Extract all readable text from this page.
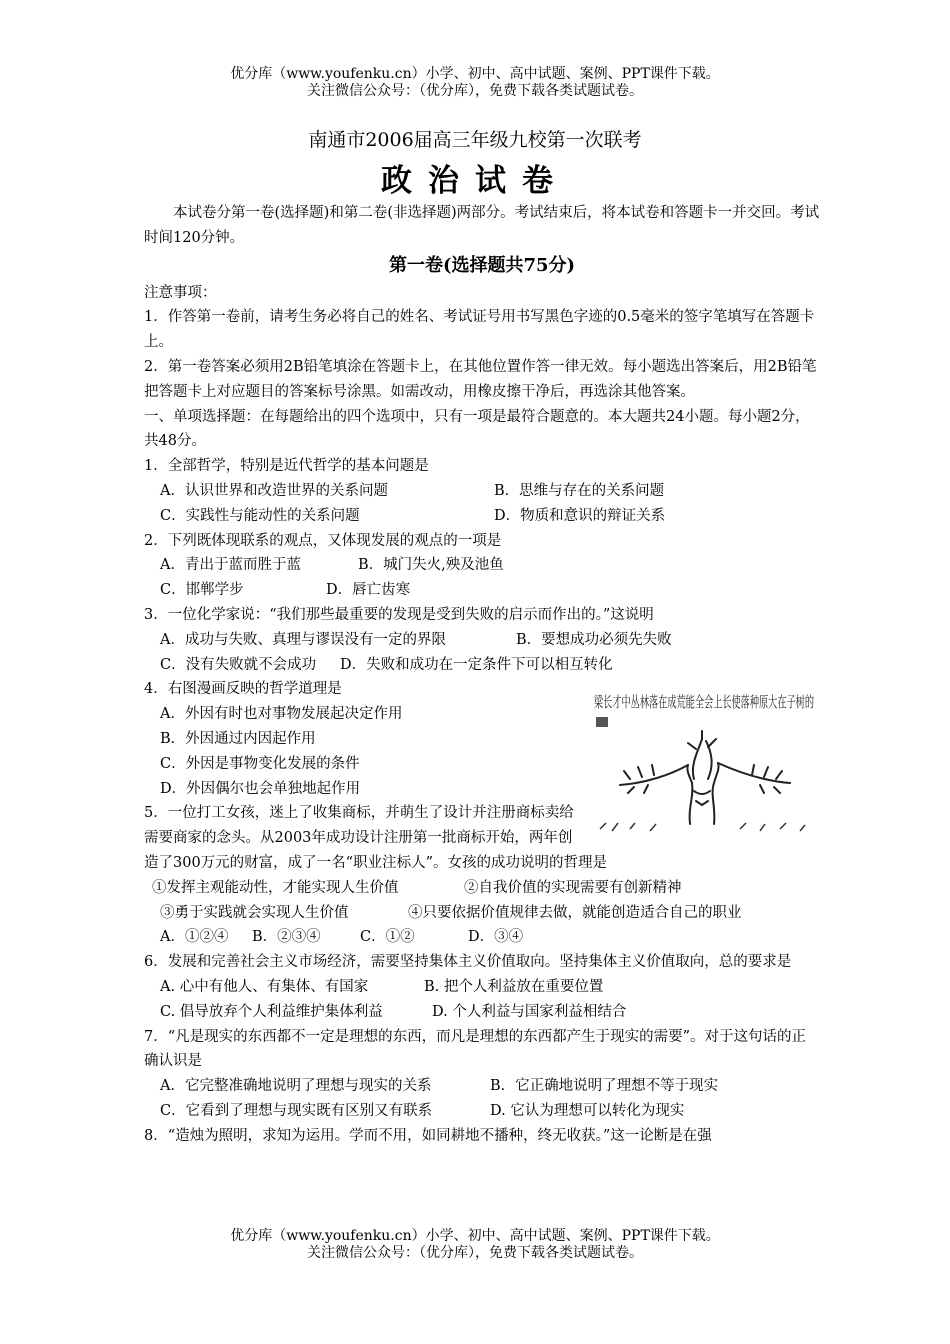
优分库（www.youfenku.cn）小学、初中、高中试题、案例、PPT课件下载。
关注微信公众号：（优分库），免费下载各类试题试卷。
南通市2006届高三年级九校第一次联考
政治试卷

本试卷分第一卷(选择题)和第二卷(非选择题)两部分。考试结束后，将本试卷和答题卡一并交回。考试时间120分钟。

第一卷(选择题共75分)

注意事项：

1．作答第一卷前，请考生务必将自己的姓名、考试证号用书写黑色字迹的0.5毫米的签字笔填写在答题卡上。

2．第一卷答案必须用2B铅笔填涂在答题卡上，在其他位置作答一律无效。每小题选出答案后，用2B铅笔把答题卡上对应题目的答案标号涂黑。如需改动，用橡皮擦干净后，再选涂其他答案。

一、单项选择题：在每题给出的四个选项中，只有一项是最符合题意的。本大题共24小题。每小题2分，共48分。

1．全部哲学，特别是近代哲学的基本问题是

A．认识世界和改造世界的关系问题	B．思维与存在的关系问题
C．实践性与能动性的关系问题	D．物质和意识的辩证关系

2．下列既体现联系的观点，又体现发展的观点的一项是

A．青出于蓝而胜于蓝	B．城门失火,殃及池鱼
C．邯郸学步	D．唇亡齿寒

3．一位化学家说：“我们那些最重要的发现是受到失败的启示而作出的。”这说明

A．成功与失败、真理与谬误没有一定的界限	B．要想成功必须先失败
C．没有失败就不会成功	D．失败和成功在一定条件下可以相互转化
梁长才中丛林落在成荒能全会上长使落种原大在子树的

4．右图漫画反映的哲学道理是

A．外因有时也对事物发展起决定作用

B．外因通过内因起作用

C．外因是事物变化发展的条件

D．外因偶尔也会单独地起作用

5．一位打工女孩，迷上了收集商标，并萌生了设计并注册商标卖给需要商家的念头。从2003年成功设计注册第一批商标开始，两年创造了300万元的财富，成了一名“职业注标人”。女孩的成功说明的哲理是

①发挥主观能动性，才能实现人生价值	②自我价值的实现需要有创新精神
③勇于实践就会实现人生价值	④只要依据价值规律去做，就能创造适合自己的职业
A．①②④	B．②③④	C．①②	D．③④

6．发展和完善社会主义市场经济，需要坚持集体主义价值取向。坚持集体主义价值取向，总的要求是

A. 心中有他人、有集体、有国家	B. 把个人利益放在重要位置
C. 倡导放弃个人利益维护集体利益	D. 个人利益与国家利益相结合

7．“凡是现实的东西都不一定是理想的东西，而凡是理想的东西都产生于现实的需要”。对于这句话的正确认识是

A．它完整准确地说明了理想与现实的关系	B．它正确地说明了理想不等于现实
C．它看到了理想与现实既有区别又有联系	D. 它认为理想可以转化为现实

8．“造烛为照明，求知为运用。学而不用，如同耕地不播种，终无收获。”这一论断是在强

优分库（www.youfenku.cn）小学、初中、高中试题、案例、PPT课件下载。
关注微信公众号：（优分库），免费下载各类试题试卷。
